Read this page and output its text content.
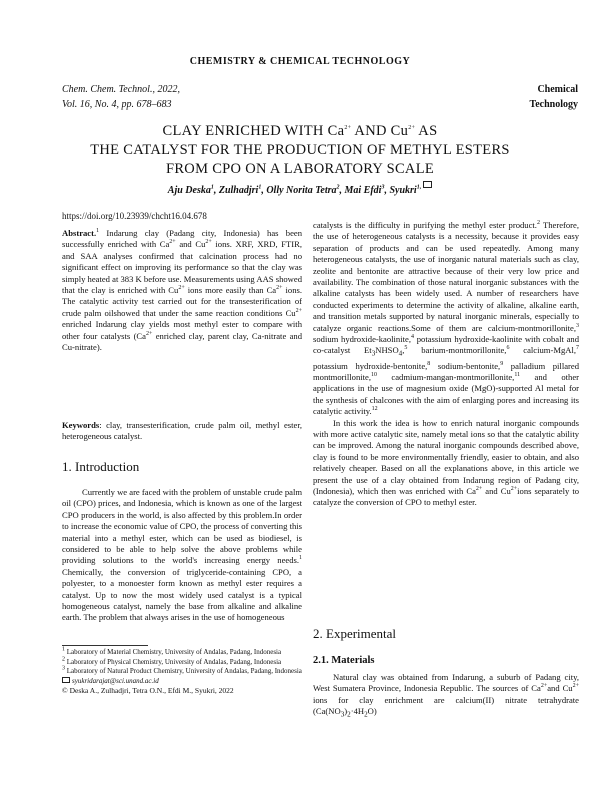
CHEMISTRY & CHEMICAL TECHNOLOGY
Chem. Chem. Technol., 2022,
Vol. 16, No. 4, pp. 678–683
Chemical
Technology
CLAY ENRICHED WITH $Ca^{2+}$ AND $Cu^{2+}$ AS
THE CATALYST FOR THE PRODUCTION OF METHYL ESTERS
FROM CPO ON A LABORATORY SCALE
Aju Deska$^1$, Zulhadjri$^1$, Olly Norita Tetra$^2$, Mai Efdi$^3$, Syukri$^{1,}$
https://doi.org/10.23939/chcht16.04.678

Abstract.$^1$ Indarung clay (Padang city, Indonesia) has been successfully enriched with $Ca^{2+}$ and $Cu^{2+}$ ions. XRF, XRD, FTIR, and SAA analyses confirmed that calcination process had no significant effect on improving its performance so that the clay was simply heated at 383 K before use. Measurements using AAS showed that the clay is enriched with $Cu^{2+}$ ions more easily than $Ca^{2+}$ ions. The catalytic activity test carried out for the transesterification of crude palm oilshowed that under the same reaction conditions $Cu^{2+}$ enriched Indarung clay yields most methyl ester to compare with other four catalysts ($Ca^{2+}$ enriched clay, parent clay, Ca-nitrate and Cu-nitrate).

Keywords: clay, transesterification, crude palm oil, methyl ester, heterogeneous catalyst.

1. Introduction

Currently we are faced with the problem of unstable crude palm oil (CPO) prices, and Indonesia, which is known as one of the largest CPO producers in the world, is also affected by this problem.In order to increase the economic value of CPO, the process of converting this material into a methyl ester, which can be used as biodiesel, is considered to be able to help solve the above problems while providing solutions to the world's increasing energy needs.$^1$ Chemically, the conversion of triglyceride-containing CPO, a polyester, to a monoester form known as methyl ester requires a catalyst. Up to now the most widely used catalyst is a typical homogeneous catalyst, namely the base from alkaline and alkaline earth. The problem that always arises in the use of homogeneous

$^1$ Laboratory of Material Chemistry, University of Andalas, Padang, Indonesia

$^2$ Laboratory of Physical Chemistry, University of Andalas, Padang, Indonesia

$^3$ Laboratory of Natural Product Chemistry, University of Andalas, Padang, Indonesia

syukridarajat@sci.unand.ac.id

© Deska A., Zulhadjri, Tetra O.N., Efdi M., Syukri, 2022

catalysts is the difficulty in purifying the methyl ester product.$^2$ Therefore, the use of heterogeneous catalysts is a necessity, because it provides easy separation of products and can be used repeatedly. Among many heterogeneous catalysts, the use of inorganic natural materials such as clay, zeolite and bentonite are attractive because of their very low price and availability. The combination of those natural inorganic substances with the alkaline catalysts has been widely used. A number of researchers have conducted experiments to determine the activity of alkaline, alkaline earth, and transition metals supported by natural inorganic minerals, especially to catalyze organic reactions.Some of them are calcium-montmorillonite,$^3$ sodium hydroxide-kaolinite,$^4$ potassium hydroxide-kaolinite with cobalt and co-catalyst $Et_3NHSO_4,^5$ barium-montmorillonite,$^6$ calcium-MgAl,$^7$ potassium hydroxide-bentonite,$^8$ sodium-bentonite,$^9$ palladium pillared montmorillonite,$^{10}$ cadmium-mangan-montmorillonite,$^{11}$ and other applications in the use of magnesium oxide (MgO)-supported Al metal for the synthesis of chalcones with the aim of enlarging pores and increasing its catalytic activity.$^{12}$

In this work the idea is how to enrich natural inorganic compounds with more active catalytic site, namely metal ions so that the catalytic ability can be improved. Among the natural inorganic compounds described above, clay is found to be more environmentally friendly, easier to obtain, and also relatively cheaper. Based on all the explanations above, in this article we present the use of a clay obtained from Indarung region of Padang city, (Indonesia), which then was enriched with $Ca^{2+}$ and $Cu^{2+}ions$ separately to catalyze the conversion of CPO to methyl ester.

2. Experimental
2.1. Materials

Natural clay was obtained from Indarung, a suburb of Padang city, West Sumatera Province, Indonesia Republic. The sources of $Ca^{2+}and$ $Cu^{2+}$ ions for clay enrichment are calcium(II) nitrate tetrahydrate $(Ca(NO_3)_2\cdot 4H_2O)$
